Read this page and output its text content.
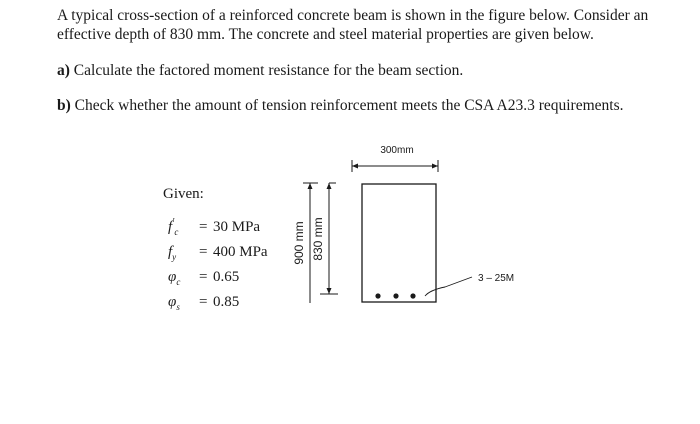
A typical cross-section of a reinforced concrete beam is shown in the figure below. Consider an effective depth of 830 mm. The concrete and steel material properties are given below.

a) Calculate the factored moment resistance for the beam section.

b) Check whether the amount of tension reinforcement meets the CSA A23.3 requirements.

Given:

$f'_c = 30$ MPa
$f_y = 400$ MPa
$\varphi_c = 0.65$
$\varphi_s = 0.85$
300mm
900 mm 830 mm
3 – 25M
